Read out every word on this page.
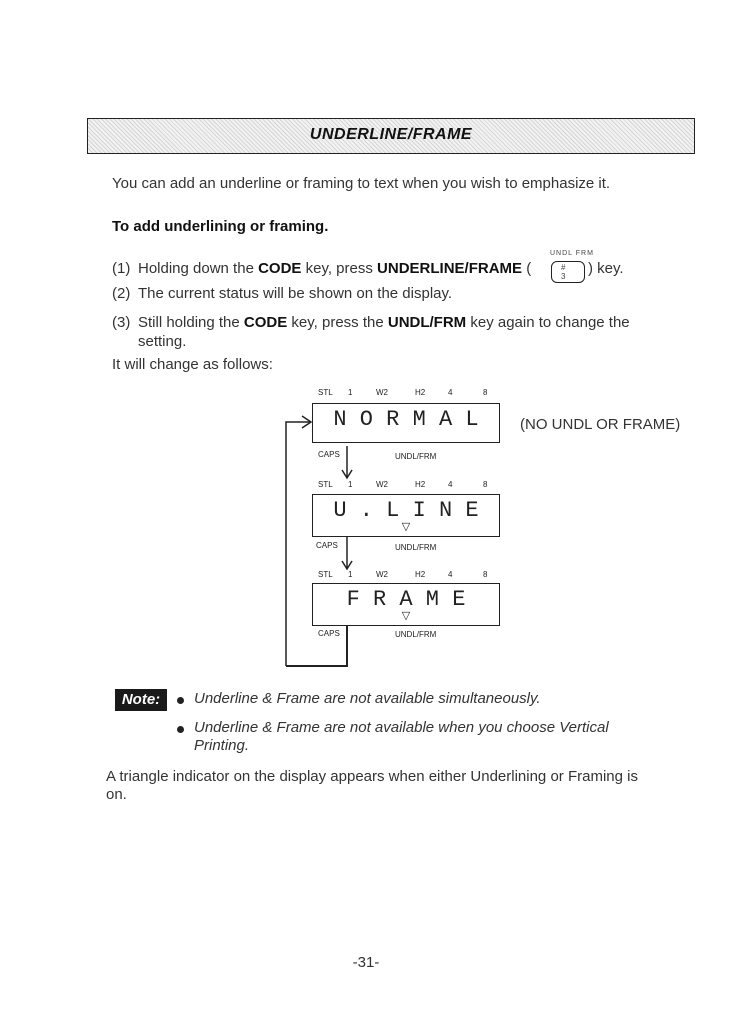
UNDERLINE/FRAME
You can add an underline or framing to text when you wish to emphasize it.
To add underlining or framing.
UNDL FRM
#
3
(1) Holding down the CODE key, press UNDERLINE/FRAME (	) key.
(2) The current status will be shown on the display.
(3) Still holding the CODE key, press the UNDL/FRM key again to change the
setting.
It will change as follows:
STL 1	W2	H2	4	8
N O R M A L	(NO UNDL OR FRAME)
CAPS	UNDL/FRM
STL 1	W2	H2	4	8
U . L I N E
▽
CAPS	UNDL/FRM
STL 1	W2	H2	4	8
F R A M E
▽
CAPS	UNDL/FRM
Note:	Underline & Frame are not available simultaneously.
Underline & Frame are not available when you choose Vertical
Printing.
A triangle indicator on the display appears when either Underlining or Framing is
on.
-31-
